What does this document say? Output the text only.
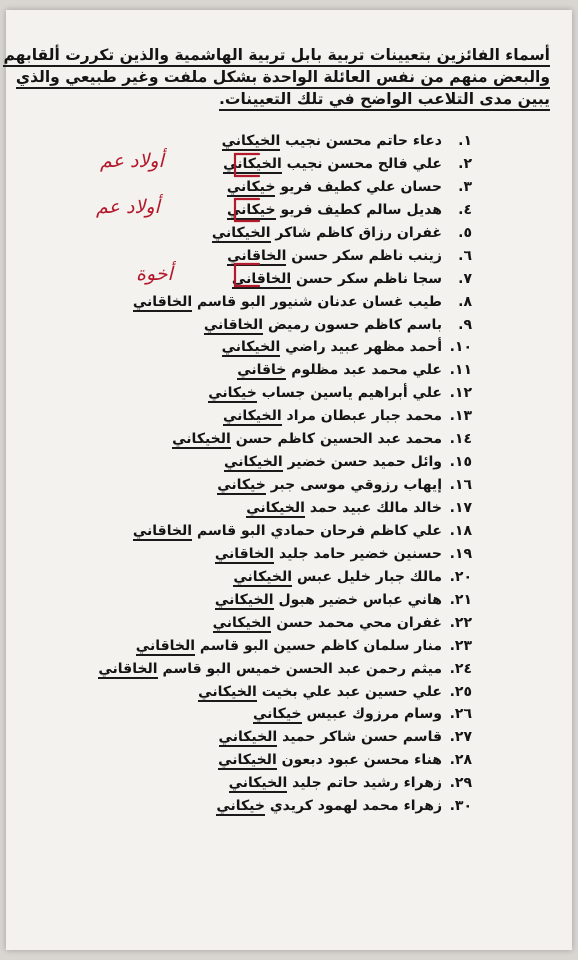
أسماء الفائزين بتعيينات تربية بابل تربية الهاشمية والذين تكررت ألقابهم
والبعض منهم من نفس العائلة الواحدة بشكل ملفت وغير طبيعي والذي
يبين مدى التلاعب الواضح في تلك التعيينات.
١.دعاء حاتم محسن نجيب الخيكاني
٢.علي فالح محسن نجيب الخيكاني
٣.حسان علي كطيف فريو خيكاني
٤.هديل سالم كطيف فريو خيكاني
٥.غفران رزاق كاظم شاكر الخيكاني
٦.زينب ناظم سكر حسن الخاقاني
٧.سجا ناظم سكر حسن الخاقاني
٨.طيب غسان عدنان شنيور البو قاسم الخاقاني
٩.باسم كاظم حسون رميض الخاقاني
١٠.أحمد مظهر عبيد راضي الخيكاني
١١.علي محمد عبد مظلوم خاقاني
١٢.علي أبراهيم ياسين جساب خيكاني
١٣.محمد جبار عبطان مراد الخيكاني
١٤.محمد عبد الحسين كاظم حسن الخيكاني
١٥.وائل حميد حسن خضير الخيكاني
١٦.إيهاب رزوقي موسى جبر خيكاني
١٧.خالد مالك عبيد حمد الخيكاني
١٨.علي كاظم فرحان حمادي البو قاسم الخاقاني
١٩.حسنين خضير حامد جليد الخاقاني
٢٠.مالك جبار خليل عبس الخيكاني
٢١.هاني عباس خضير هبول الخيكاني
٢٢.غفران محي محمد حسن الخيكاني
٢٣.منار سلمان كاظم حسين البو قاسم الخاقاني
٢٤.ميثم رحمن عبد الحسن خميس البو قاسم الخاقاني
٢٥.علي حسين عبد علي بخيت الخيكاني
٢٦.وسام مرزوك عبيس خيكاني
٢٧.قاسم حسن شاكر حميد الخيكاني
٢٨.هناء محسن عبود دبعون الخيكاني
٢٩.زهراء رشيد حاتم جليد الخيكاني
٣٠.زهراء محمد لهمود كريدي خيكاني
أولاد عم
أولاد عم
أخوة
